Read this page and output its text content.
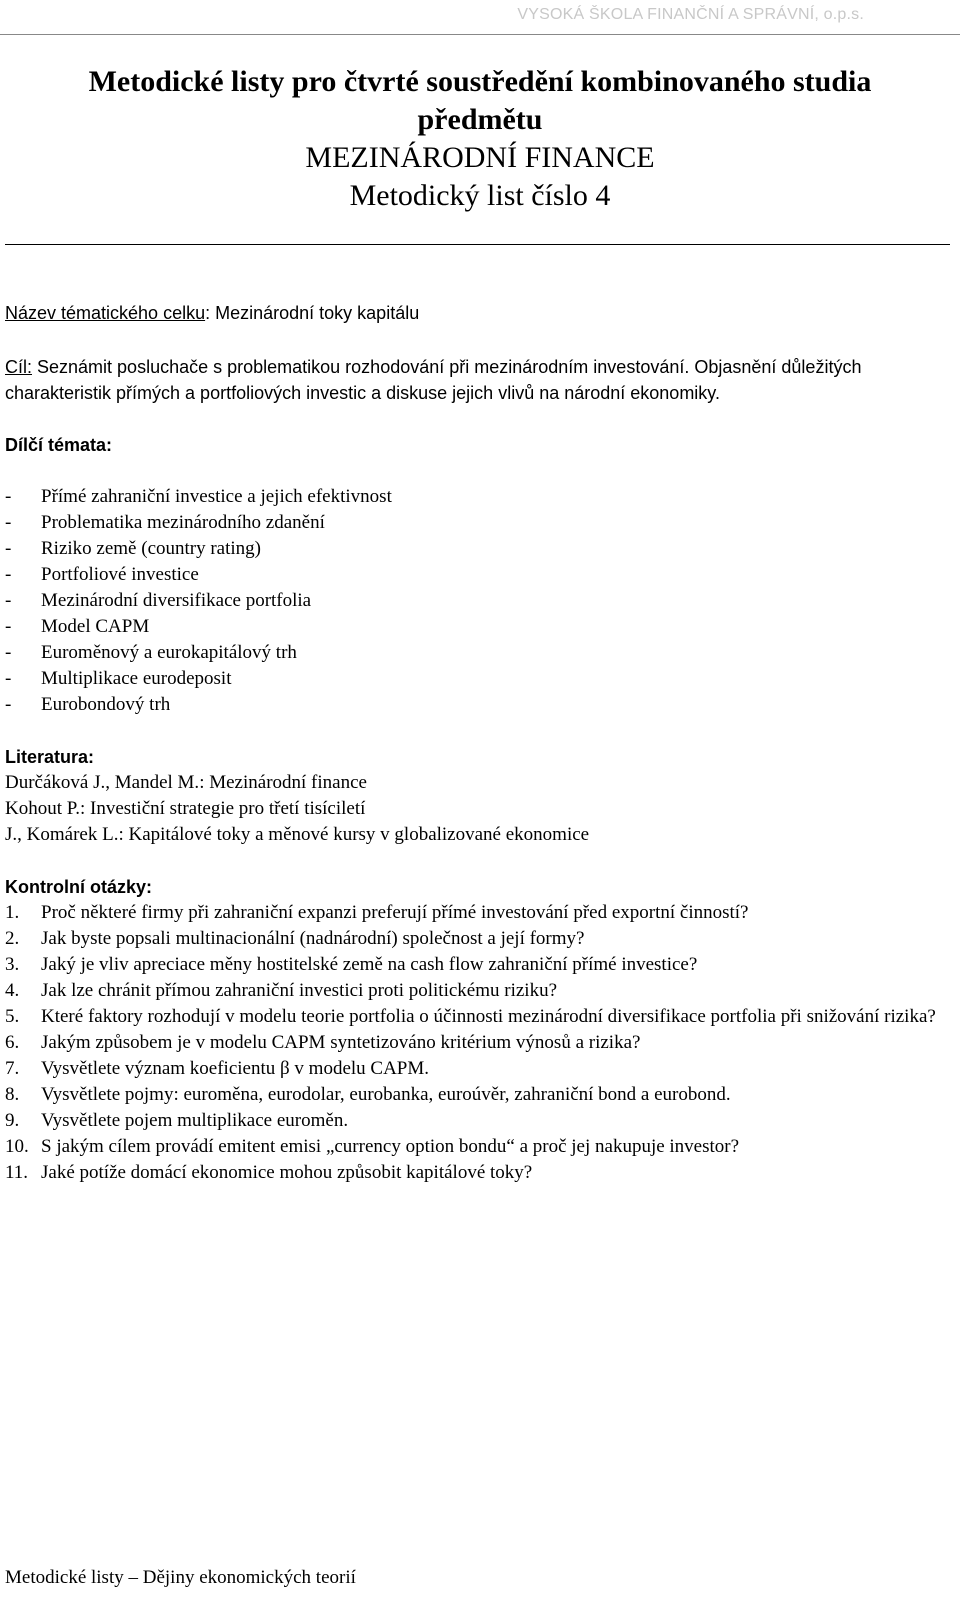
VYSOKÁ ŠKOLA FINANČNÍ A SPRÁVNÍ, o.p.s.
Metodické listy pro čtvrté soustředění kombinovaného studia
předmětu
MEZINÁRODNÍ FINANCE
Metodický list číslo 4

Název tématického celku: Mezinárodní toky kapitálu

Cíl: Seznámit posluchače s problematikou rozhodování při mezinárodním investování. Objasnění důležitých charakteristik přímých a portfoliových investic a diskuse jejich vlivů na národní ekonomiky.

Dílčí témata:

-	Přímé zahraniční investice a jejich efektivnost
-	Problematika mezinárodního zdanění
-	Riziko země (country rating)
-	Portfoliové investice
-	Mezinárodní diversifikace portfolia
-	Model CAPM
-	Euroměnový a eurokapitálový trh
-	Multiplikace eurodeposit
-	Eurobondový trh

Literatura:

Durčáková J., Mandel M.: Mezinárodní finance
Kohout P.: Investiční strategie pro třetí tisíciletí
J., Komárek L.: Kapitálové toky a měnové kursy v globalizované ekonomice

Kontrolní otázky:

1.	Proč některé firmy při zahraniční expanzi preferují přímé investování před exportní činností?
2.	Jak byste popsali multinacionální (nadnárodní) společnost a její formy?
3.	Jaký je vliv apreciace měny hostitelské země na cash flow zahraniční přímé investice?
4.	Jak lze chránit přímou zahraniční investici proti politickému riziku?
5.	Které faktory rozhodují v modelu teorie portfolia o účinnosti mezinárodní diversifikace portfolia při snižování rizika?
6.	Jakým způsobem je v modelu CAPM syntetizováno kritérium výnosů a rizika?
7.	Vysvětlete význam koeficientu β v modelu CAPM.
8.	Vysvětlete pojmy: euroměna, eurodolar, eurobanka, euroúvěr, zahraniční bond a eurobond.
9.	Vysvětlete pojem multiplikace euroměn.
10. S jakým cílem provádí emitent emisi „currency option bondu“ a proč jej nakupuje investor?
11. Jaké potíže domácí ekonomice mohou způsobit kapitálové toky?
Metodické listy – Dějiny ekonomických teorií
